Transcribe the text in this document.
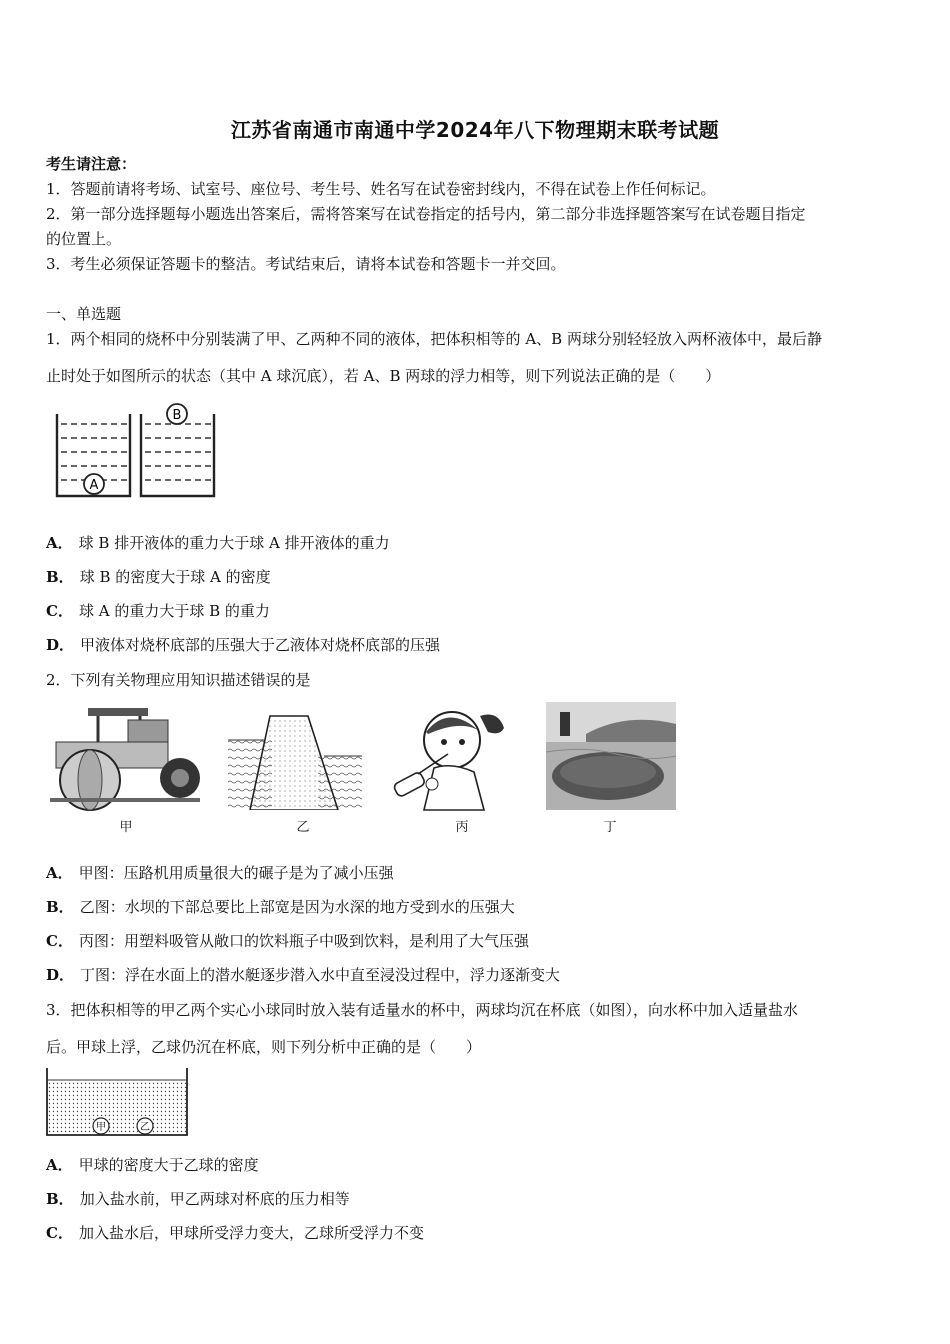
江苏省南通市南通中学2024年八下物理期末联考试题
考生请注意：
1．答题前请将考场、试室号、座位号、考生号、姓名写在试卷密封线内，不得在试卷上作任何标记。
2．第一部分选择题每小题选出答案后，需将答案写在试卷指定的括号内，第二部分非选择题答案写在试卷题目指定
的位置上。
3．考生必须保证答题卡的整洁。考试结束后，请将本试卷和答题卡一并交回。
一、单选题
1．两个相同的烧杯中分别装满了甲、乙两种不同的液体，把体积相等的 A、B 两球分别轻轻放入两杯液体中，最后静
止时处于如图所示的状态（其中 A 球沉底），若 A、B 两球的浮力相等，则下列说法正确的是（　　）
A
B
A． 球 B 排开液体的重力大于球 A 排开液体的重力
B． 球 B 的密度大于球 A 的密度
C． 球 A 的重力大于球 B 的重力
D． 甲液体对烧杯底部的压强大于乙液体对烧杯底部的压强
2．下列有关物理应用知识描述错误的是
甲	乙	丙	丁
A． 甲图：压路机用质量很大的碾子是为了减小压强
B． 乙图：水坝的下部总要比上部宽是因为水深的地方受到水的压强大
C． 丙图：用塑料吸管从敞口的饮料瓶子中吸到饮料，是利用了大气压强
D． 丁图：浮在水面上的潜水艇逐步潜入水中直至浸没过程中，浮力逐渐变大
3．把体积相等的甲乙两个实心小球同时放入装有适量水的杯中，两球均沉在杯底（如图），向水杯中加入适量盐水
后。甲球上浮，乙球仍沉在杯底，则下列分析中正确的是（　　）
甲	乙
A． 甲球的密度大于乙球的密度
B． 加入盐水前，甲乙两球对杯底的压力相等
C． 加入盐水后，甲球所受浮力变大，乙球所受浮力不变
